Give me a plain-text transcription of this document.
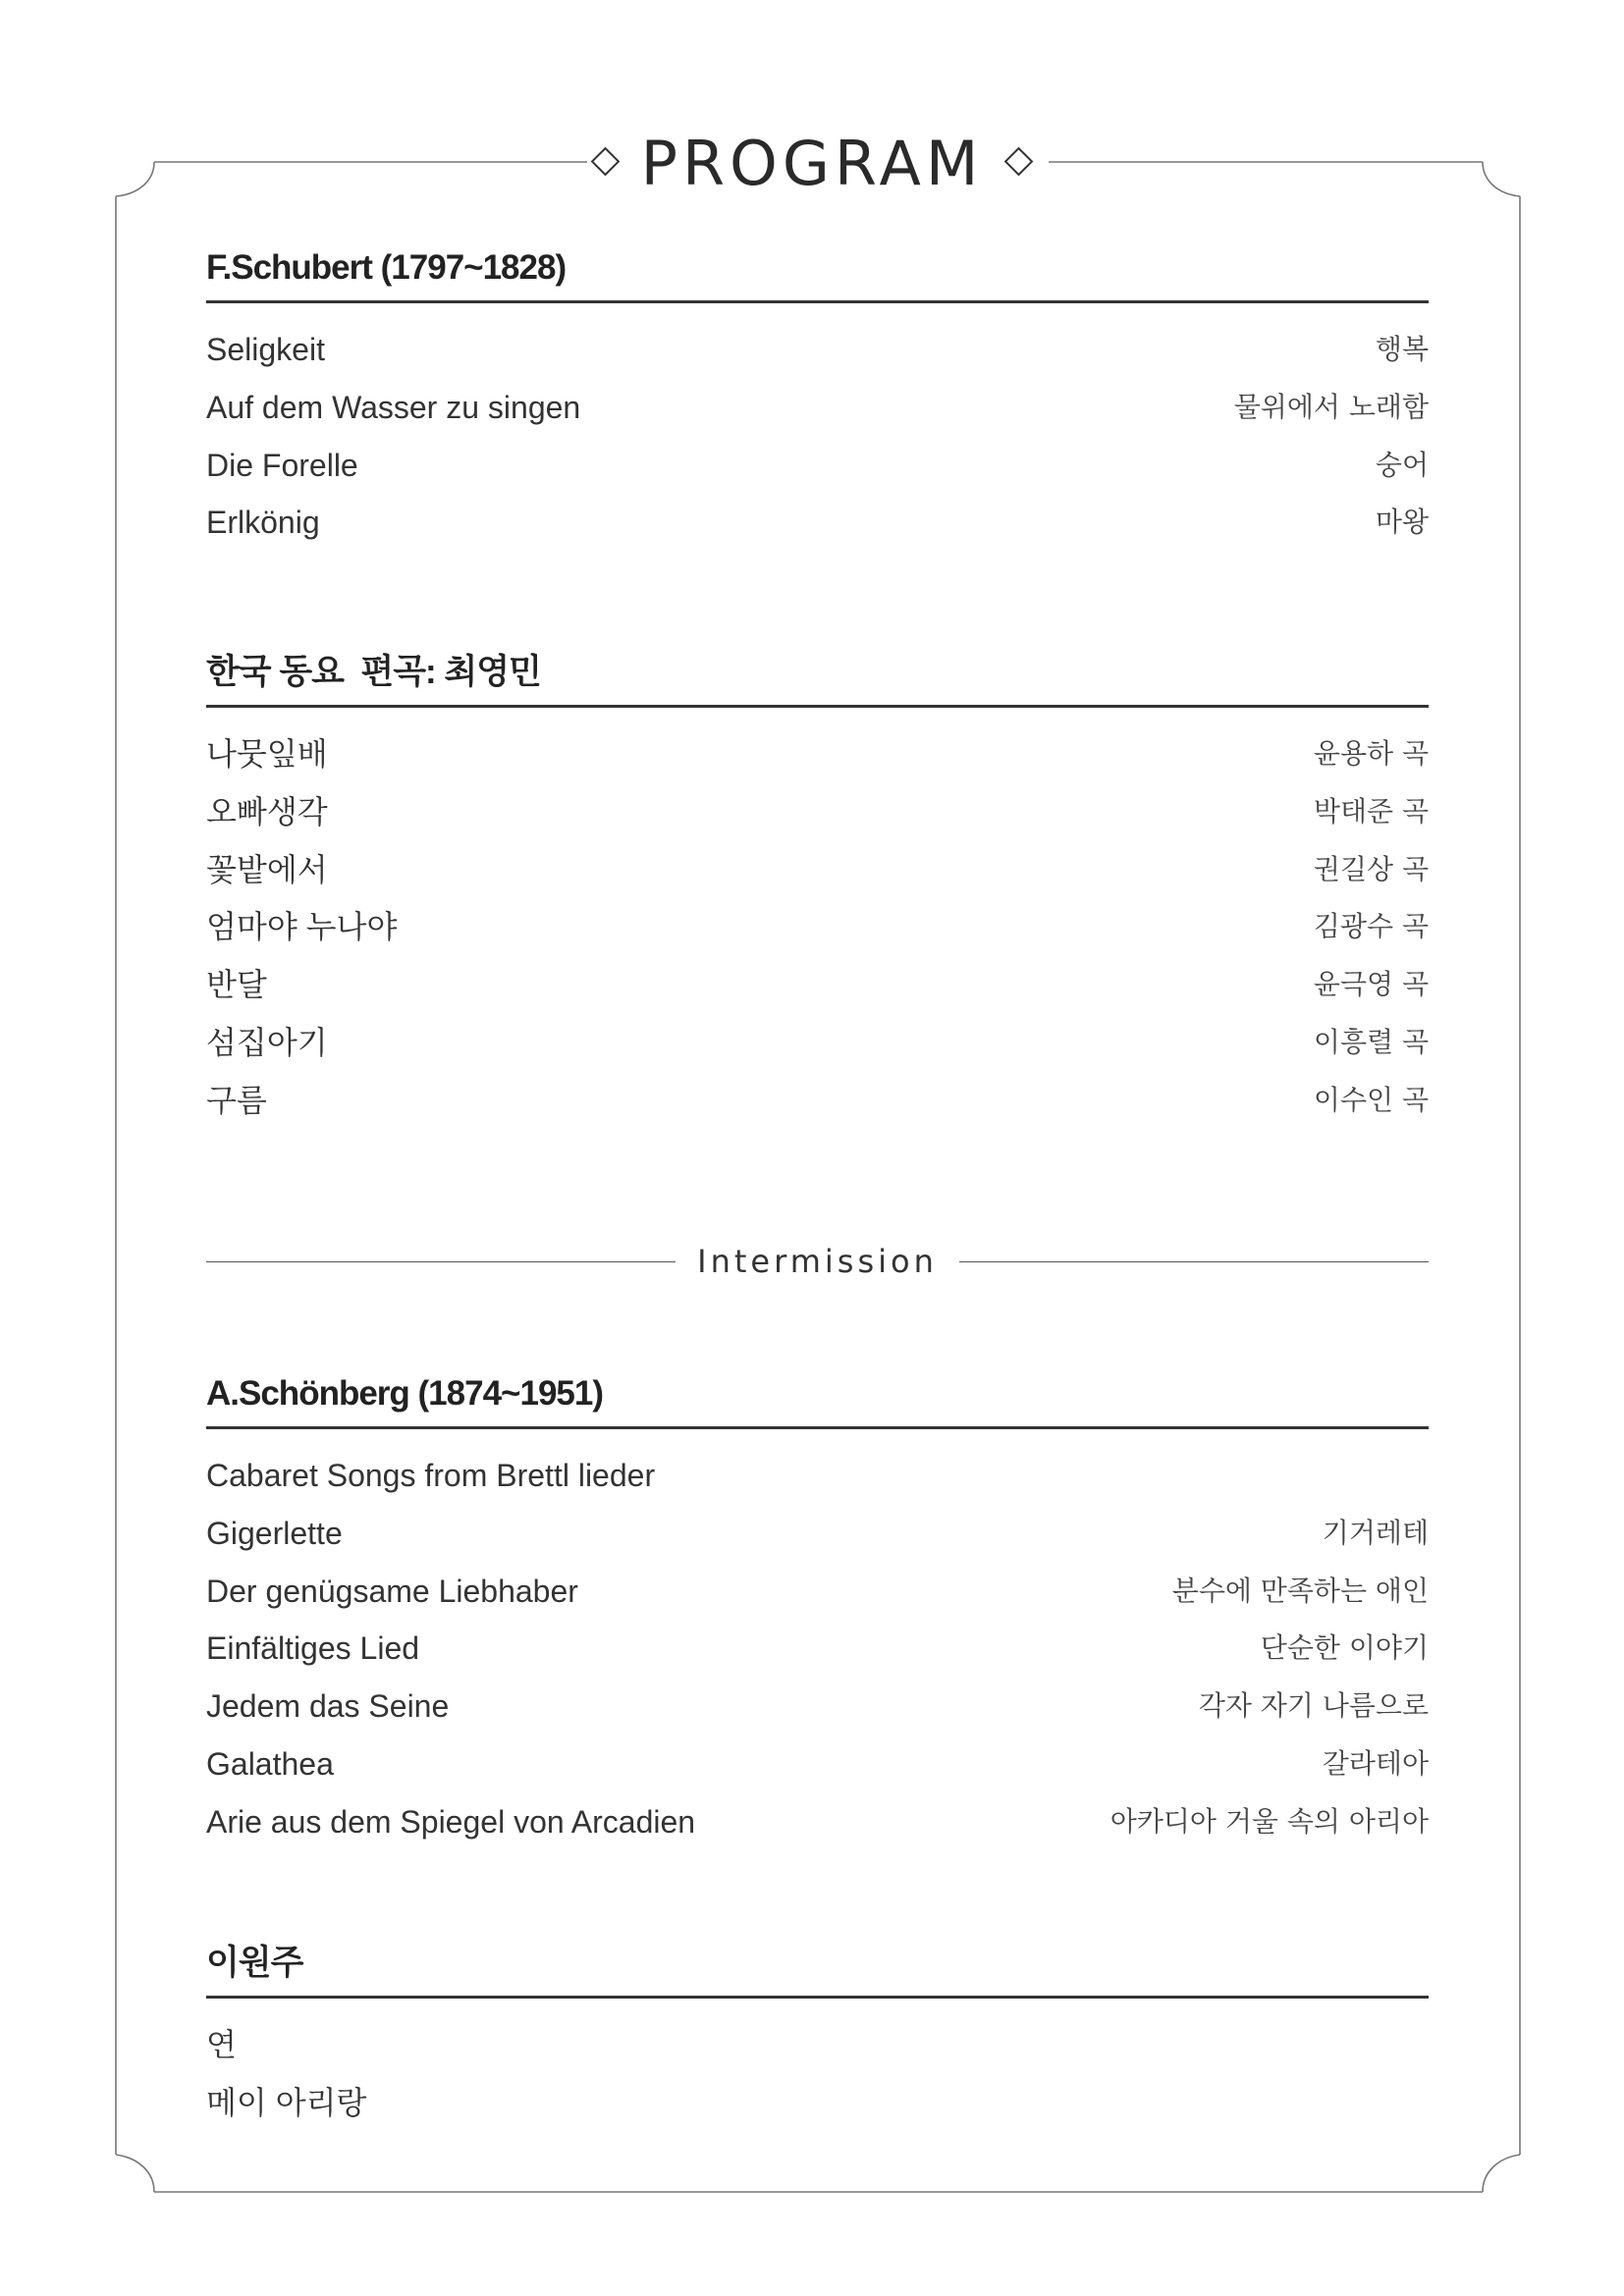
PROGRAM
F.Schubert (1797~1828)
Seligkeit	행복
Auf dem Wasser zu singen	물위에서 노래함
Die Forelle	숭어
Erlkönig	마왕
한국 동요  편곡: 최영민
나뭇잎배	윤용하 곡
오빠생각	박태준 곡
꽃밭에서	권길상 곡
엄마야 누나야	김광수 곡
반달	윤극영 곡
섬집아기	이흥렬 곡
구름	이수인 곡
A.Schönberg (1874~1951)
Cabaret Songs from Brettl lieder
Gigerlette	기거레테
Der genügsame Liebhaber	분수에 만족하는 애인
Einfältiges Lied	단순한 이야기
Jedem das Seine	각자 자기 나름으로
Galathea	갈라테아
Arie aus dem Spiegel von Arcadien	아카디아 거울 속의 아리아
이원주
연
메이 아리랑
Intermission
